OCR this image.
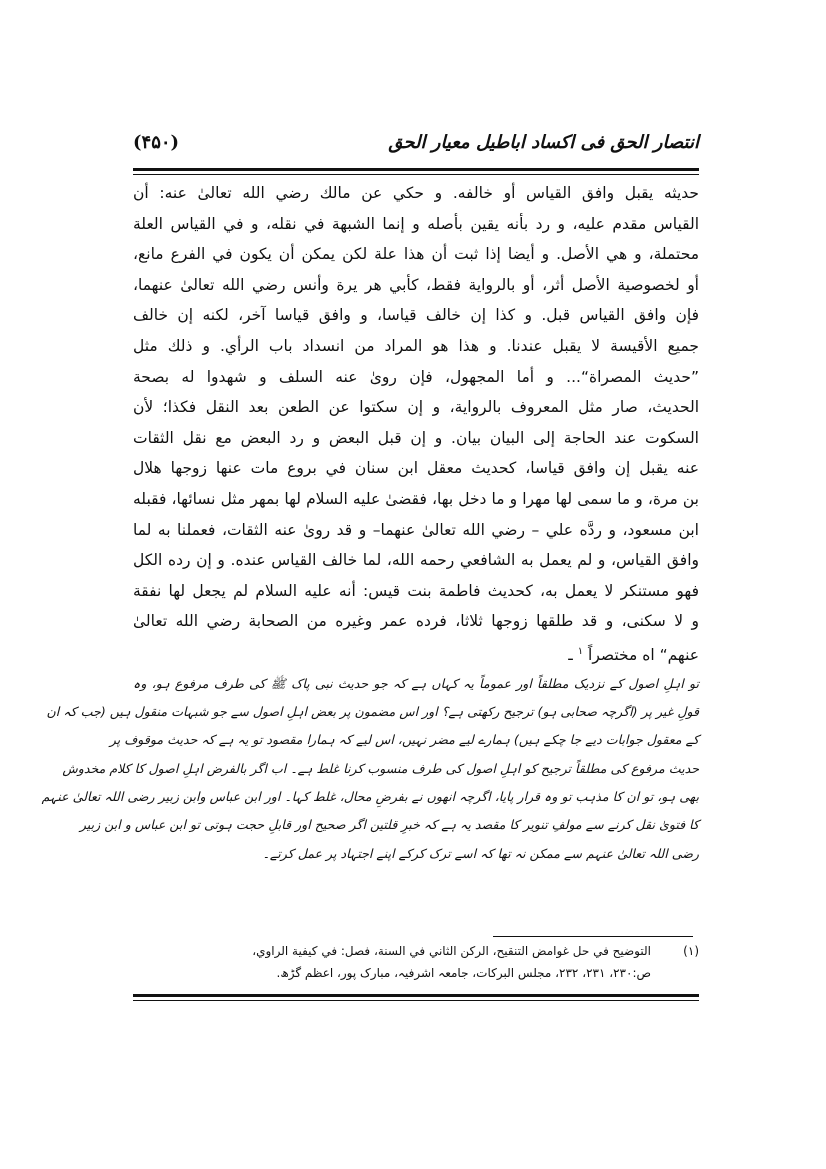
انتصار الحق فی اکساد اباطیل معیار الحق
(۴۵۰)
حديثه يقبل وافق القياس أو خالفه. و حكي عن مالك رضي الله تعالىٰ عنه: أن
القياس مقدم عليه، و رد بأنه يقين بأصله و إنما الشبهة في نقله، و في القياس العلة
محتملة، و هي الأصل. و أيضا إذا ثبت أن هذا علة لكن يمكن أن يكون في الفرع مانع،
أو لخصوصية الأصل أثر، أو بالرواية فقط، كأبي هر يرة وأنس رضي الله تعالىٰ عنهما،
فإن وافق القياس قبل. و كذا إن خالف قياسا، و وافق قياسا آخر، لكنه إن خالف
جميع الأقيسة لا يقبل عندنا. و هذا هو المراد من انسداد باب الرأي. و ذلك مثل
”حديث المصراة“... و أما المجهول، فإن رویٰ عنه السلف و شهدوا له بصحة
الحديث، صار مثل المعروف بالرواية، و إن سكتوا عن الطعن بعد النقل فكذا؛ لأن
السكوت عند الحاجة إلى البيان بيان. و إن قبل البعض و رد البعض مع نقل الثقات
عنه يقبل إن وافق قياسا، كحديث معقل ابن سنان في بروع مات عنها زوجها هلال
بن مرة، و ما سمى لها مهرا و ما دخل بها، فقضىٰ عليه السلام لها بمهر مثل نسائها، فقبله
ابن مسعود، و ردَّه علي – رضي الله تعالىٰ عنهما– و قد رویٰ عنه الثقات، فعملنا به لما
وافق القياس، و لم يعمل به الشافعي رحمه الله، لما خالف القياس عنده. و إن رده الكل
فهو مستنكر لا يعمل به، كحديث فاطمة بنت قيس: أنه عليه السلام لم يجعل لها نفقة
و لا سكنى، و قد طلقها زوجها ثلاثا، فرده عمر وغيره من الصحابة رضي الله تعالىٰ
عنهم“ اه مختصراً $^١$ ـ
تو اہلِ اصول کے نزدیک مطلقاً اور عموماً یہ کہاں ہے کہ جو حدیث نبی پاک ﷺ کی طرف مرفوع ہو، وہ
قولِ غیر پر (اگرچہ صحابی ہو) ترجیح رکھتی ہے؟ اور اس مضمون پر بعض اہلِ اصول سے جو شبہات منقول ہیں (جب کہ ان
کے معقول جوابات دیے جا چکے ہیں) ہمارے لیے مضر نہیں، اس لیے کہ ہمارا مقصود تو یہ ہے کہ حدیث موقوف پر
حدیث مرفوع کی مطلقاً ترجیح کو اہلِ اصول کی طرف منسوب کرنا غلط ہے۔ اب اگر بالفرض اہلِ اصول کا کلام مخدوش
بھی ہو، تو ان کا مذہب تو وہ قرار پایا، اگرچہ انھوں نے بفرضِ محال، غلط کہا۔ اور ابن عباس وابن زبیر رضی اللہ تعالیٰ عنہم
کا فتویٰ نقل کرنے سے مولفِ تنویر کا مقصد یہ ہے کہ خبرِ قلتین اگر صحیح اور قابلِ حجت ہوتی تو ابن عباس و ابن زبیر
رضی اللہ تعالیٰ عنہم سے ممکن نہ تھا کہ اسے ترک کرکے اپنے اجتہاد پر عمل کرتے۔
(١)
التوضيح في حل غوامض التنقيح، الركن الثاني في السنة، فصل: في كيفية الراوي،
ص:۲۳۰، ۲۳۱، ۲۳۲، مجلس البرکات، جامعہ اشرفیہ، مبارک پور، اعظم گڑھ.
